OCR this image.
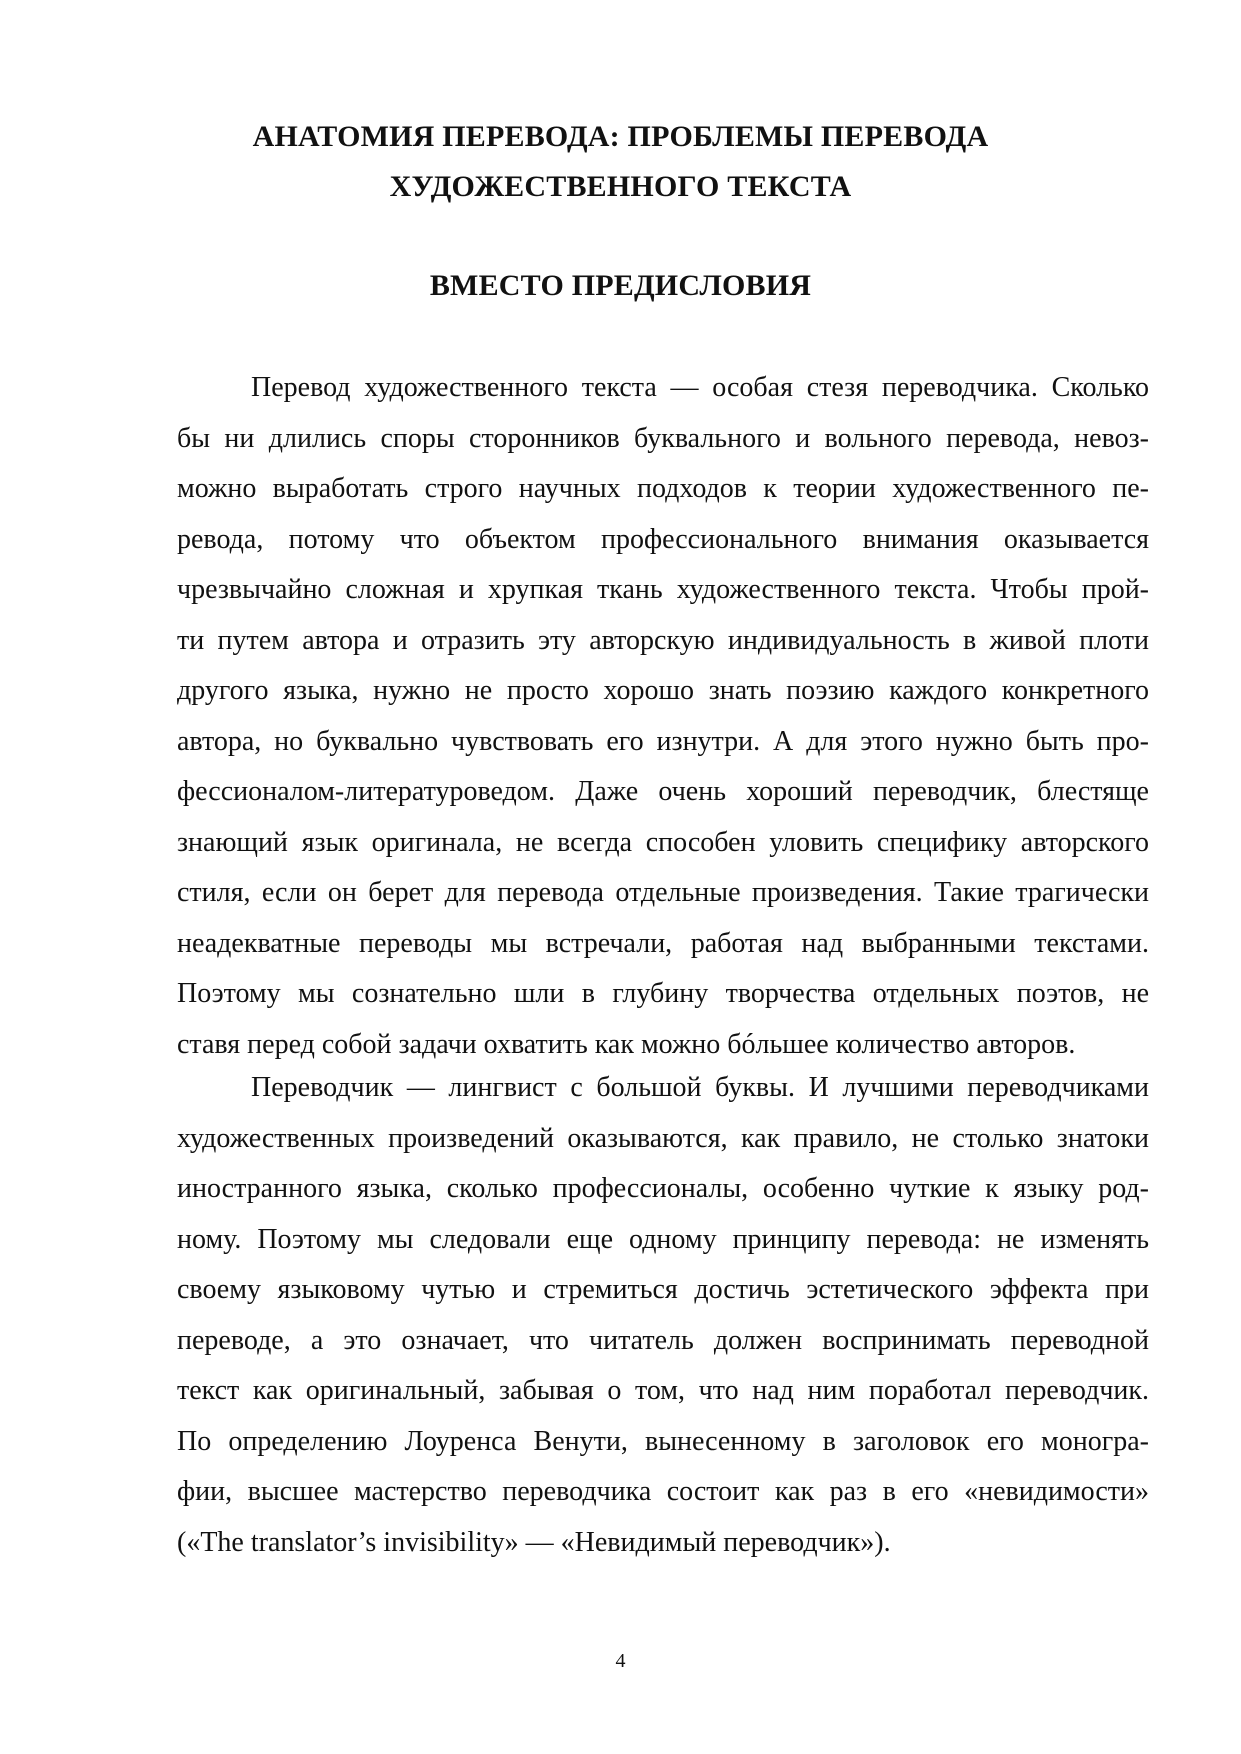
АНАТОМИЯ ПЕРЕВОДА: ПРОБЛЕМЫ ПЕРЕВОДА
ХУДОЖЕСТВЕННОГО ТЕКСТА
ВМЕСТО ПРЕДИСЛОВИЯ
Перевод художественного текста — особая стезя переводчика. Сколько
бы ни длились споры сторонников буквального и вольного перевода, невоз-
можно выработать строго научных подходов к теории художественного пе-
ревода, потому что объектом профессионального внимания оказывается
чрезвычайно сложная и хрупкая ткань художественного текста. Чтобы прой-
ти путем автора и отразить эту авторскую индивидуальность в живой плоти
другого языка, нужно не просто хорошо знать поэзию каждого конкретного
автора, но буквально чувствовать его изнутри. А для этого нужно быть про-
фессионалом-литературоведом. Даже очень хороший переводчик, блестяще
знающий язык оригинала, не всегда способен уловить специфику авторского
стиля, если он берет для перевода отдельные произведения. Такие трагически
неадекватные переводы мы встречали, работая над выбранными текстами.
Поэтому мы сознательно шли в глубину творчества отдельных поэтов, не
ставя перед собой задачи охватить как можно бóльшее количество авторов.
Переводчик — лингвист с большой буквы. И лучшими переводчиками
художественных произведений оказываются, как правило, не столько знатоки
иностранного языка, сколько профессионалы, особенно чуткие к языку род-
ному. Поэтому мы следовали еще одному принципу перевода: не изменять
своему языковому чутью и стремиться достичь эстетического эффекта при
переводе, а это означает, что читатель должен воспринимать переводной
текст как оригинальный, забывая о том, что над ним поработал переводчик.
По определению Лоуренса Венути, вынесенному в заголовок его моногра-
фии, высшее мастерство переводчика состоит как раз в его «невидимости»
(«The translator’s invisibility» — «Невидимый переводчик»).
4
